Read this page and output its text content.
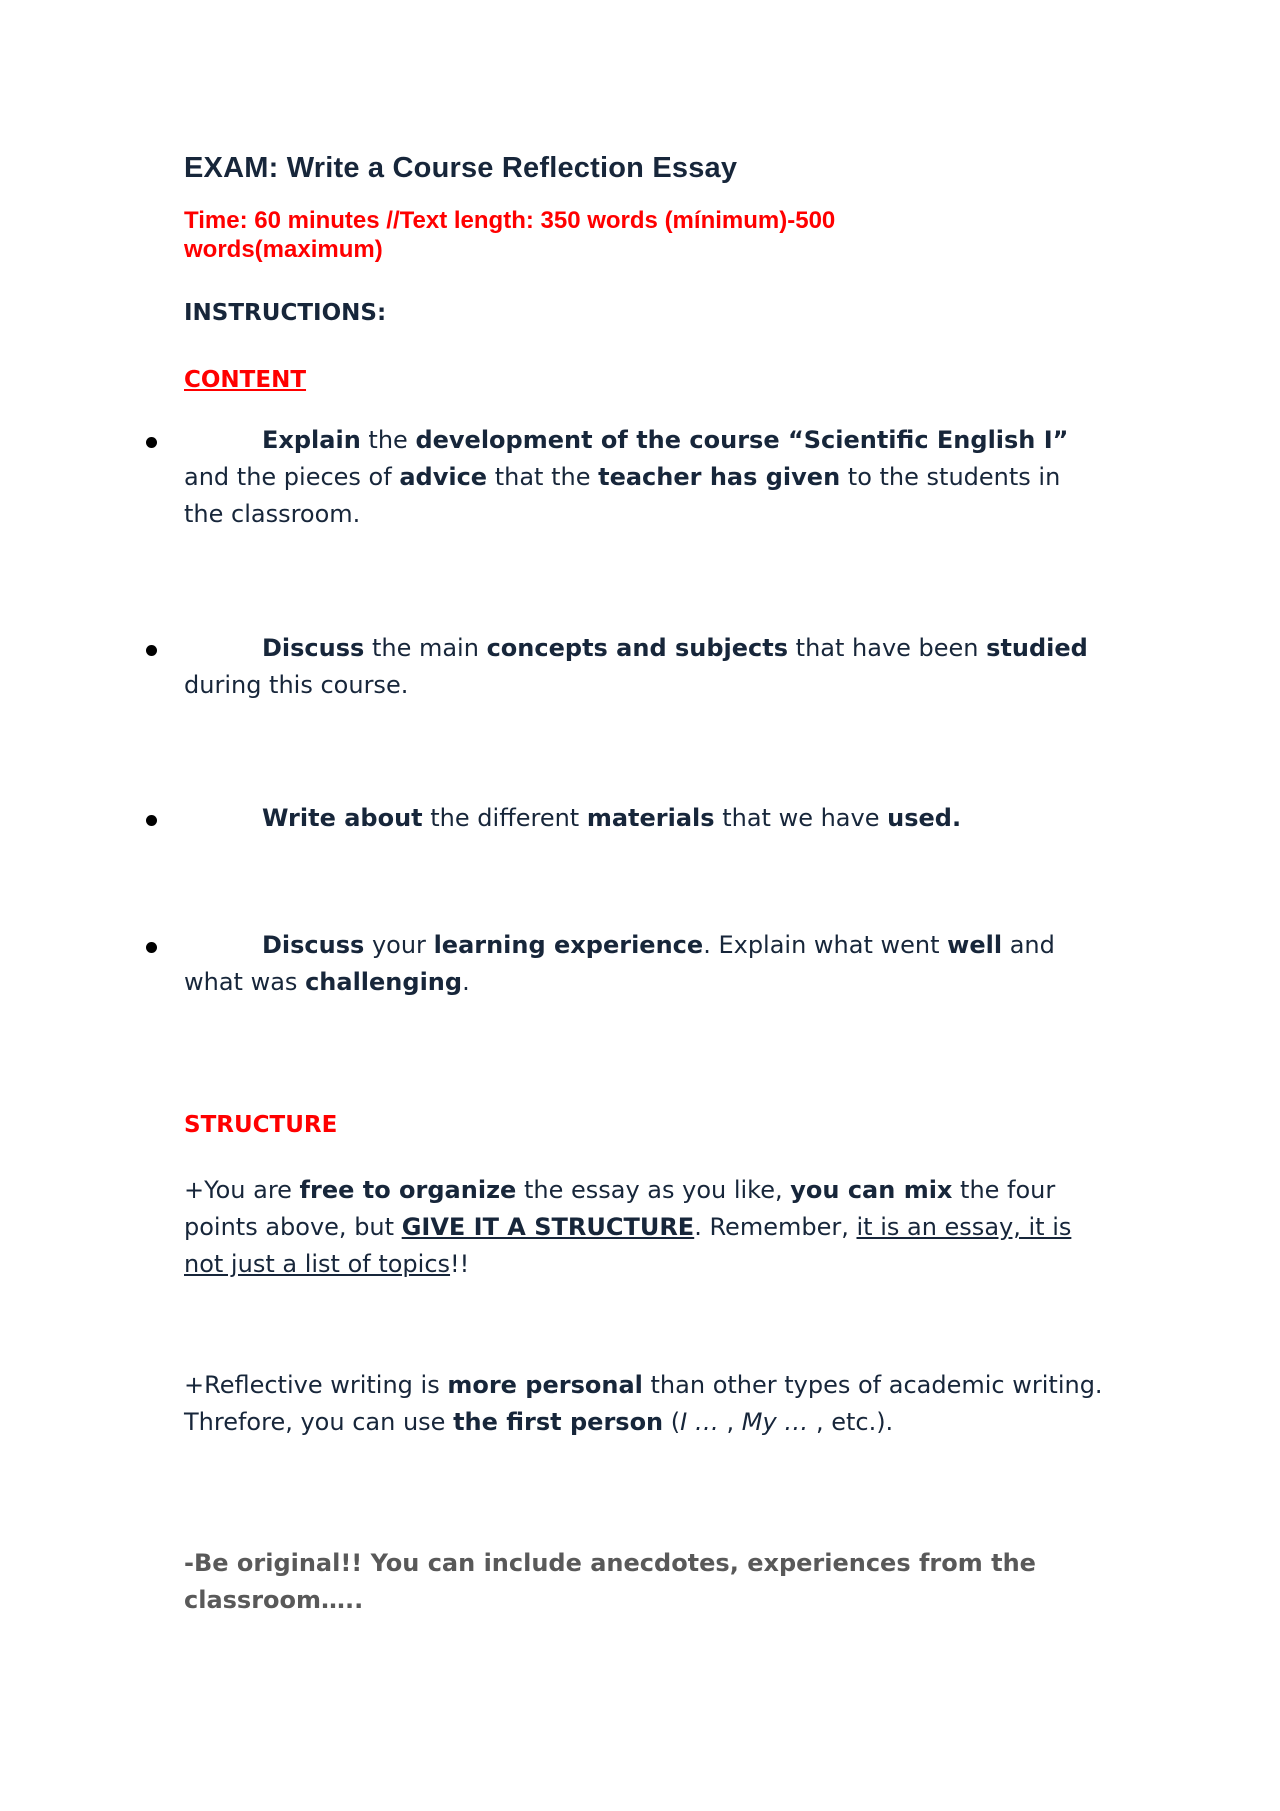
EXAM: Write a Course Reflection Essay
Time: 60 minutes //Text length: 350 words (mínimum)-500 words(maximum)
INSTRUCTIONS:
CONTENT
Explain the development of the course “Scientific English I” and the pieces of advice that the teacher has given to the students in the classroom.
Discuss the main concepts and subjects that have been studied during this course.
Write about the different materials that we have used.
Discuss your learning experience. Explain what went well and what was challenging.
STRUCTURE
+You are free to organize the essay as you like, you can mix the four points above, but GIVE IT A STRUCTURE. Remember, it is an essay, it is not just a list of topics!!
+Reflective writing is more personal than other types of academic writing. Threfore, you can use the first person (I … , My … , etc.).
-Be original!! You can include anecdotes, experiences from the classroom…..
